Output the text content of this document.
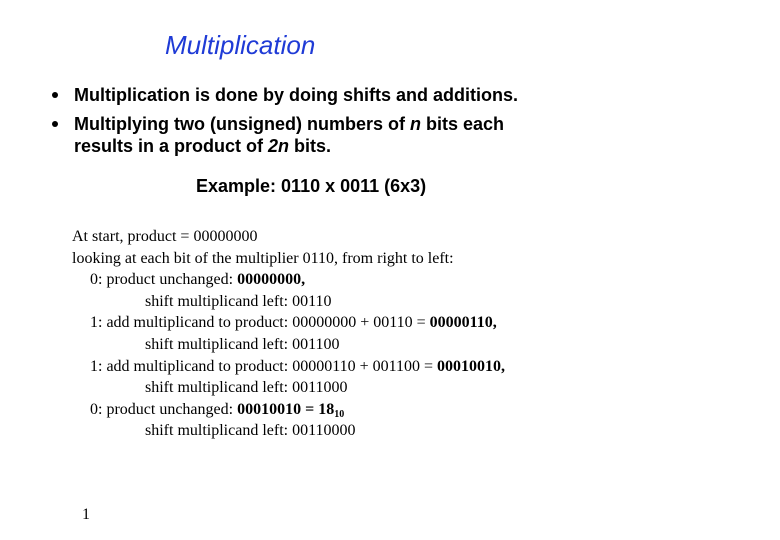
Multiplication
Multiplication is done by doing shifts and additions.
Multiplying two (unsigned) numbers of n bits each
results in a product of 2n bits.
Example: 0110 x 0011 (6x3)
At start, product = 00000000
looking at each bit of the multiplier 0110, from right to left:
0: product unchanged: 00000000,
shift multiplicand left: 00110
1: add multiplicand to product: 00000000 + 00110 = 00000110,
shift multiplicand left: 001100
1: add multiplicand to product: 00000110 + 001100 = 00010010,
shift multiplicand left: 0011000
0: product unchanged: $00010010 = 18_{10}$
shift multiplicand left: 00110000
1
